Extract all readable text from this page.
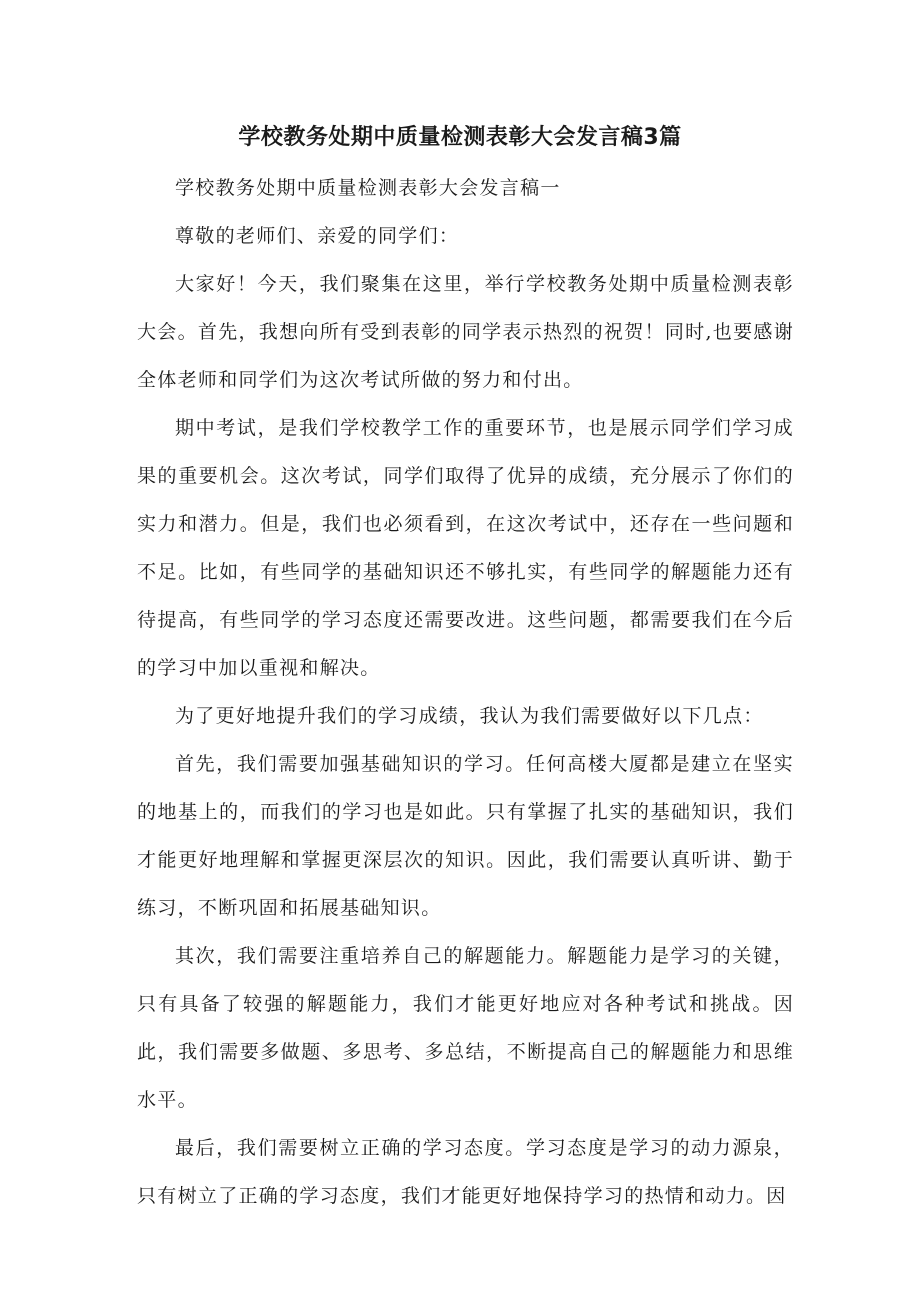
学校教务处期中质量检测表彰大会发言稿3篇

学校教务处期中质量检测表彰大会发言稿一

尊敬的老师们、亲爱的同学们：

大家好！今天，我们聚集在这里，举行学校教务处期中质量检测表彰大会。首先，我想向所有受到表彰的同学表示热烈的祝贺！同时,也要感谢全体老师和同学们为这次考试所做的努力和付出。

期中考试，是我们学校教学工作的重要环节，也是展示同学们学习成果的重要机会。这次考试，同学们取得了优异的成绩，充分展示了你们的实力和潜力。但是，我们也必须看到，在这次考试中，还存在一些问题和不足。比如，有些同学的基础知识还不够扎实，有些同学的解题能力还有待提高，有些同学的学习态度还需要改进。这些问题，都需要我们在今后的学习中加以重视和解决。

为了更好地提升我们的学习成绩，我认为我们需要做好以下几点：

首先，我们需要加强基础知识的学习。任何高楼大厦都是建立在坚实的地基上的，而我们的学习也是如此。只有掌握了扎实的基础知识，我们才能更好地理解和掌握更深层次的知识。因此，我们需要认真听讲、勤于练习，不断巩固和拓展基础知识。

其次，我们需要注重培养自己的解题能力。解题能力是学习的关键，只有具备了较强的解题能力，我们才能更好地应对各种考试和挑战。因此，我们需要多做题、多思考、多总结，不断提高自己的解题能力和思维水平。

最后，我们需要树立正确的学习态度。学习态度是学习的动力源泉，只有树立了正确的学习态度，我们才能更好地保持学习的热情和动力。因
